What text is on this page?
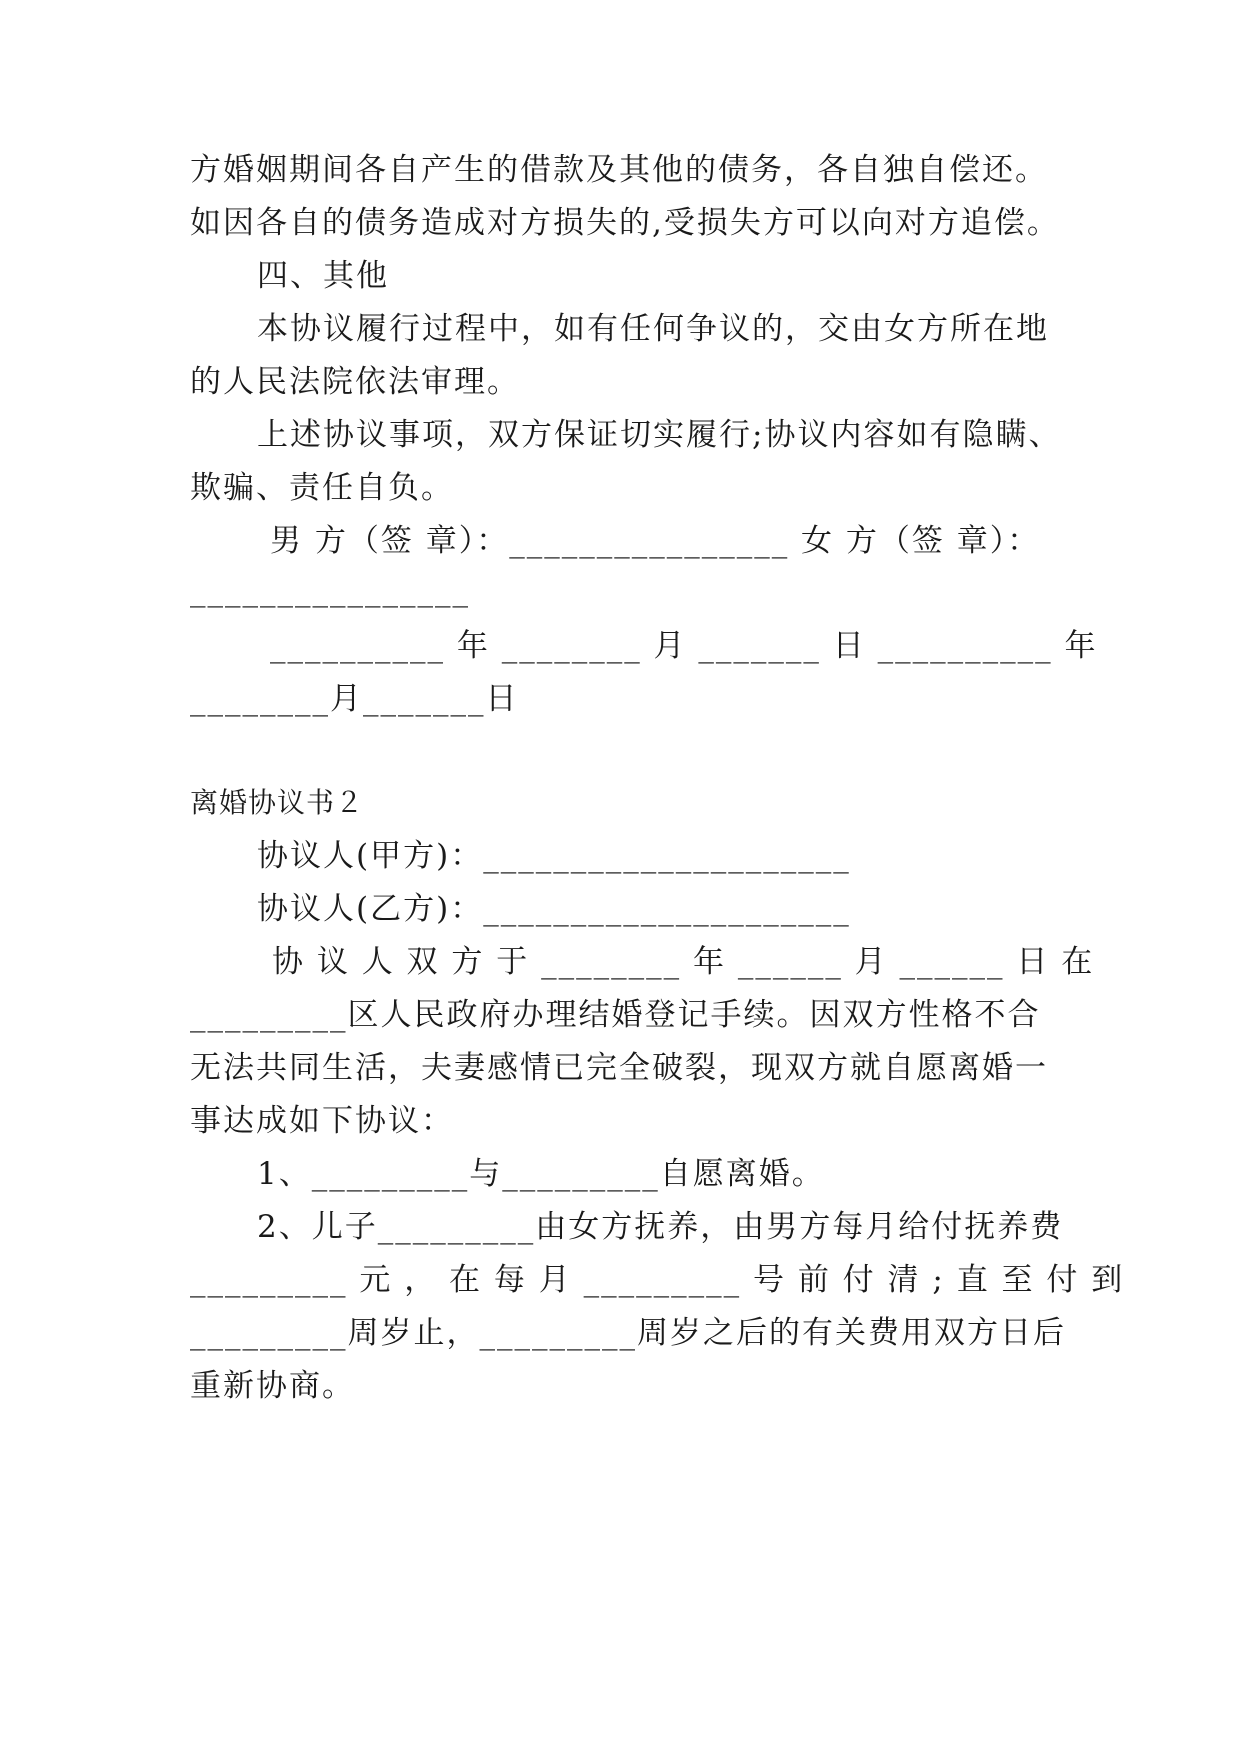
方婚姻期间各自产生的借款及其他的债务，各自独自偿还。
如因各自的债务造成对方损失的,受损失方可以向对方追偿。
四、其他
本协议履行过程中，如有任何争议的，交由女方所在地
的人民法院依法审理。
上述协议事项，双方保证切实履行;协议内容如有隐瞒、
欺骗、责任自负。
男 方（签 章）：________________ 女 方（签 章）：
________________
__________ 年 ________ 月 _______ 日 __________ 年
________月_______日
离婚协议书２
协议人(甲方)：_____________________
协议人(乙方)：_____________________
协 议 人 双 方 于 ________ 年 ______ 月 ______ 日 在
_________区人民政府办理结婚登记手续。因双方性格不合
无法共同生活，夫妻感情已完全破裂，现双方就自愿离婚一
事达成如下协议：
1、_________与_________自愿离婚。
2、儿子_________由女方抚养，由男方每月给付抚养费
_________ 元 ， 在 每 月 _________ 号 前 付 清 ; 直 至 付 到
_________周岁止，_________周岁之后的有关费用双方日后
重新协商。
